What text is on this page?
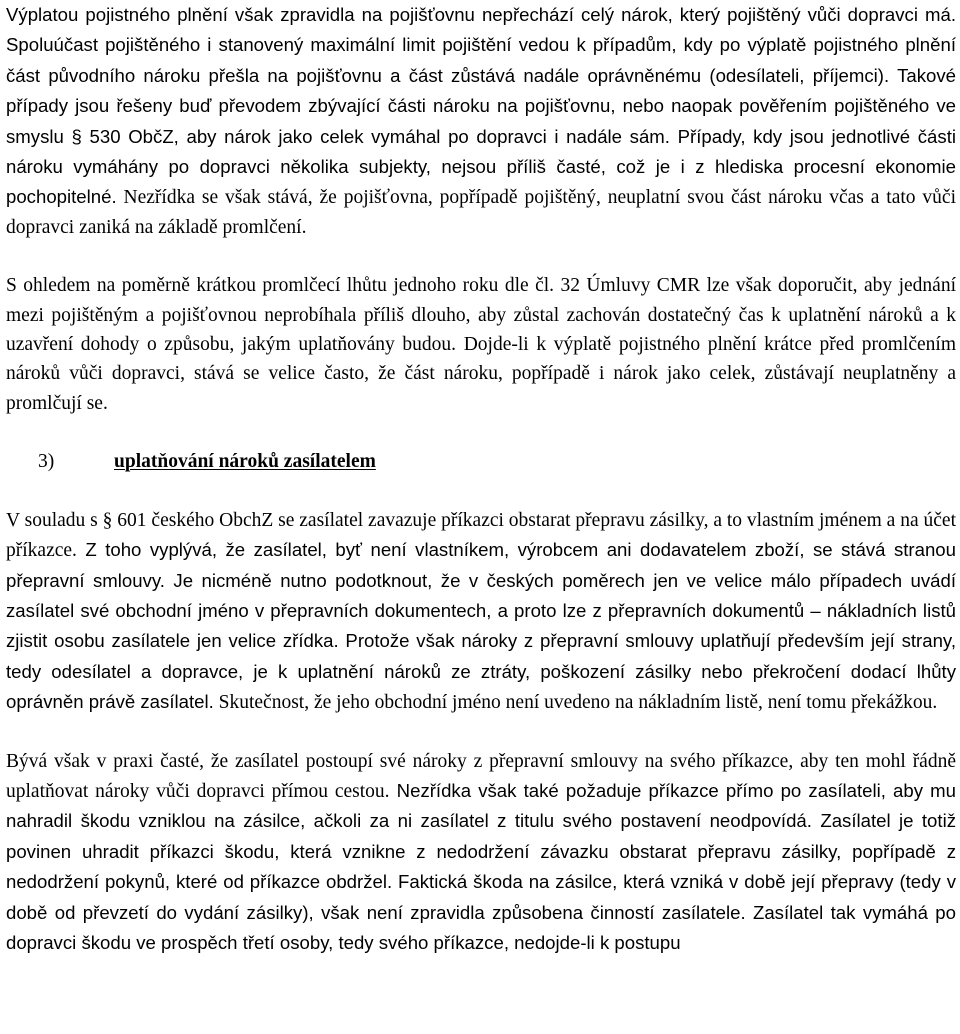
Výplatou pojistného plnění však zpravidla na pojišťovnu nepřechází celý nárok, který pojištěný vůči dopravci má. Spoluúčast pojištěného i stanovený maximální limit pojištění vedou k případům, kdy po výplatě pojistného plnění část původního nároku přešla na pojišťovnu a část zůstává nadále oprávněnému (odesílateli, příjemci). Takové případy jsou řešeny buď převodem zbývající části nároku na pojišťovnu, nebo naopak pověřením pojištěného ve smyslu § 530 ObčZ, aby nárok jako celek vymáhal po dopravci i nadále sám. Případy, kdy jsou jednotlivé části nároku vymáhány po dopravci několika subjekty, nejsou příliš časté, což je i z hlediska procesní ekonomie pochopitelné. Nezřídka se však stává, že pojišťovna, popřípadě pojištěný, neuplatní svou část nároku včas a tato vůči dopravci zaniká na základě promlčení.

S ohledem na poměrně krátkou promlčecí lhůtu jednoho roku dle čl. 32 Úmluvy CMR lze však doporučit, aby jednání mezi pojištěným a pojišťovnou neprobíhala příliš dlouho, aby zůstal zachován dostatečný čas k uplatnění nároků a k uzavření dohody o způsobu, jakým uplatňovány budou. Dojde-li k výplatě pojistného plnění krátce před promlčením nároků vůči dopravci, stává se velice často, že část nároku, popřípadě i nárok jako celek, zůstávají neuplatněny a promlčují se.

3)	uplatňování nároků zasílatelem

V souladu s § 601 českého ObchZ se zasílatel zavazuje příkazci obstarat přepravu zásilky, a to vlastním jménem a na účet příkazce. Z toho vyplývá, že zasílatel, byť není vlastníkem, výrobcem ani dodavatelem zboží, se stává stranou přepravní smlouvy. Je nicméně nutno podotknout, že v českých poměrech jen ve velice málo případech uvádí zasílatel své obchodní jméno v přepravních dokumentech, a proto lze z přepravních dokumentů – nákladních listů zjistit osobu zasílatele jen velice zřídka. Protože však nároky z přepravní smlouvy uplatňují především její strany, tedy odesílatel a dopravce, je k uplatnění nároků ze ztráty, poškození zásilky nebo překročení dodací lhůty oprávněn právě zasílatel. Skutečnost, že jeho obchodní jméno není uvedeno na nákladním listě, není tomu překážkou.

Bývá však v praxi časté, že zasílatel postoupí své nároky z přepravní smlouvy na svého příkazce, aby ten mohl řádně uplatňovat nároky vůči dopravci přímou cestou. Nezřídka však také požaduje příkazce přímo po zasílateli, aby mu nahradil škodu vzniklou na zásilce, ačkoli za ni zasílatel z titulu svého postavení neodpovídá. Zasílatel je totiž povinen uhradit příkazci škodu, která vznikne z nedodržení závazku obstarat přepravu zásilky, popřípadě z nedodržení pokynů, které od příkazce obdržel. Faktická škoda na zásilce, která vzniká v době její přepravy (tedy v době od převzetí do vydání zásilky), však není zpravidla způsobena činností zasílatele. Zasílatel tak vymáhá po dopravci škodu ve prospěch třetí osoby, tedy svého příkazce, nedojde-li k postupu
